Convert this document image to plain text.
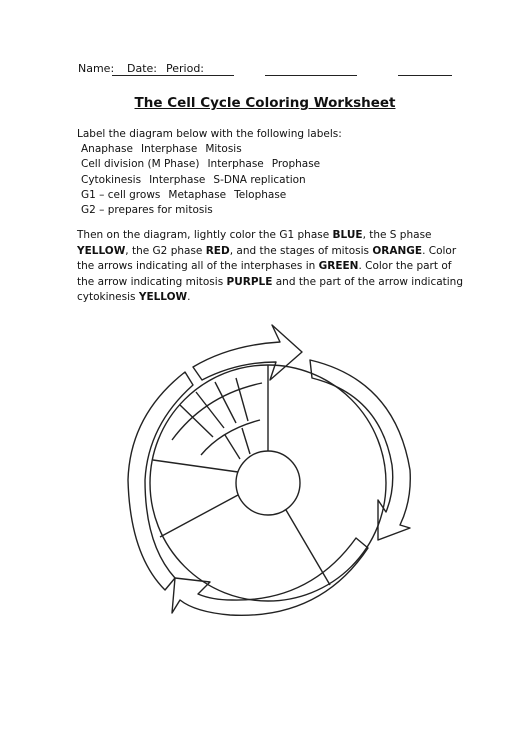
Name: Date: Period:
The Cell Cycle Coloring Worksheet
Label the diagram below with the following labels:
Anaphase Interphase Mitosis
Cell division (M Phase) Interphase Prophase
Cytokinesis Interphase S-DNA replication
G1 – cell grows Metaphase Telophase
G2 – prepares for mitosis
Then on the diagram, lightly color the G1 phase BLUE, the S phase YELLOW, the G2 phase RED, and the stages of mitosis ORANGE. Color the arrows indicating all of the interphases in GREEN. Color the part of the arrow indicating mitosis PURPLE and the part of the arrow indicating cytokinesis YELLOW.
